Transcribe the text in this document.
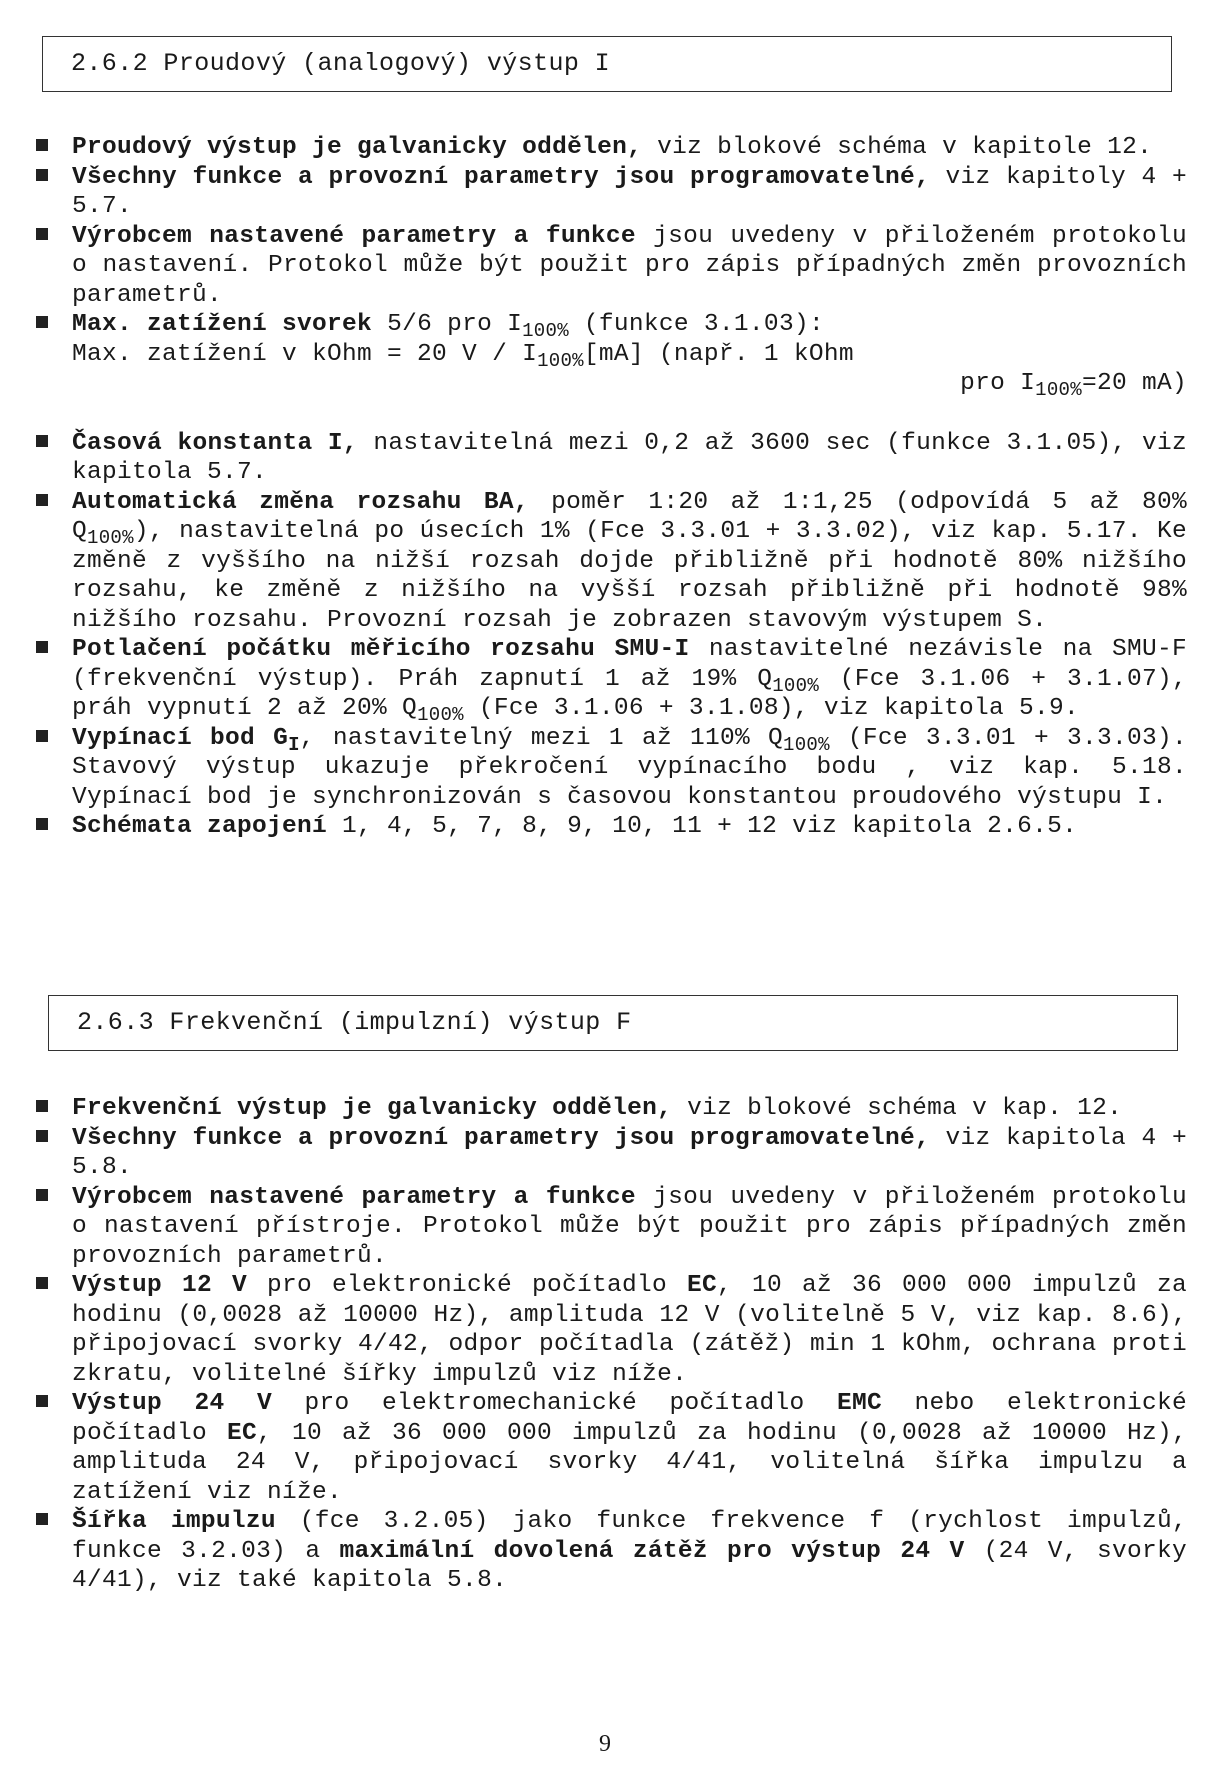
2.6.2 Proudový (analogový) výstup I
Proudový výstup je galvanicky oddělen, viz blokové schéma v kapitole 12.
Všechny funkce a provozní parametry jsou programovatelné, viz kapitoly 4 + 5.7.
Výrobcem nastavené parametry a funkce jsou uvedeny v přiloženém protokolu o nastavení. Protokol může být použit pro zápis případných změn provozních parametrů.
Max. zatížení svorek 5/6 pro $I_{100\%}$ (funkce 3.1.03):
Max. zatížení v kOhm = 20 V / $I_{100\%}[mA]$ (např. 1 kOhm
pro $I_{100\%}=20$ mA)
Časová konstanta I, nastavitelná mezi 0,2 až 3600 sec (funkce 3.1.05), viz kapitola 5.7.
Automatická změna rozsahu BA, poměr 1:20 až 1:1,25 (odpovídá 5 až 80% $Q_{100\%}$), nastavitelná po úsecích 1% (Fce 3.3.01 + 3.3.02), viz kap. 5.17. Ke změně z vyššího na nižší rozsah dojde přibližně při hodnotě 80% nižšího rozsahu, ke změně z nižšího na vyšší rozsah přibližně při hodnotě 98% nižšího rozsahu. Provozní rozsah je zobrazen stavovým výstupem S.
Potlačení počátku měřicího rozsahu SMU-I nastavitelné nezávisle na SMU-F (frekvenční výstup). Práh zapnutí 1 až 19% $Q_{100\%}$ (Fce 3.1.06 + 3.1.07), práh vypnutí 2 až 20% $Q_{100\%}$ (Fce 3.1.06 + 3.1.08), viz kapitola 5.9.
Vypínací bod $G_I$, nastavitelný mezi 1 až 110% $Q_{100\%}$ (Fce 3.3.01 + 3.3.03). Stavový výstup ukazuje překročení vypínacího bodu , viz kap. 5.18. Vypínací bod je synchronizován s časovou konstantou proudového výstupu I.
Schémata zapojení 1, 4, 5, 7, 8, 9, 10, 11 + 12 viz kapitola 2.6.5.
2.6.3 Frekvenční (impulzní) výstup F
Frekvenční výstup je galvanicky oddělen, viz blokové schéma v kap. 12.
Všechny funkce a provozní parametry jsou programovatelné, viz kapitola 4 + 5.8.
Výrobcem nastavené parametry a funkce jsou uvedeny v přiloženém protokolu o nastavení přístroje. Protokol může být použit pro zápis případných změn provozních parametrů.
Výstup 12 V pro elektronické počítadlo EC, 10 až 36 000 000 impulzů za hodinu (0,0028 až 10000 Hz), amplituda 12 V (volitelně 5 V, viz kap. 8.6), připojovací svorky 4/42, odpor počítadla (zátěž) min 1 kOhm, ochrana proti zkratu, volitelné šířky impulzů viz níže.
Výstup 24 V pro elektromechanické počítadlo EMC nebo elektronické počítadlo EC, 10 až 36 000 000 impulzů za hodinu (0,0028 až 10000 Hz), amplituda 24 V, připojovací svorky 4/41, volitelná šířka impulzu a zatížení viz níže.
Šířka impulzu (fce 3.2.05) jako funkce frekvence f (rychlost impulzů, funkce 3.2.03) a maximální dovolená zátěž pro výstup 24 V (24 V, svorky 4/41), viz také kapitola 5.8.
9
